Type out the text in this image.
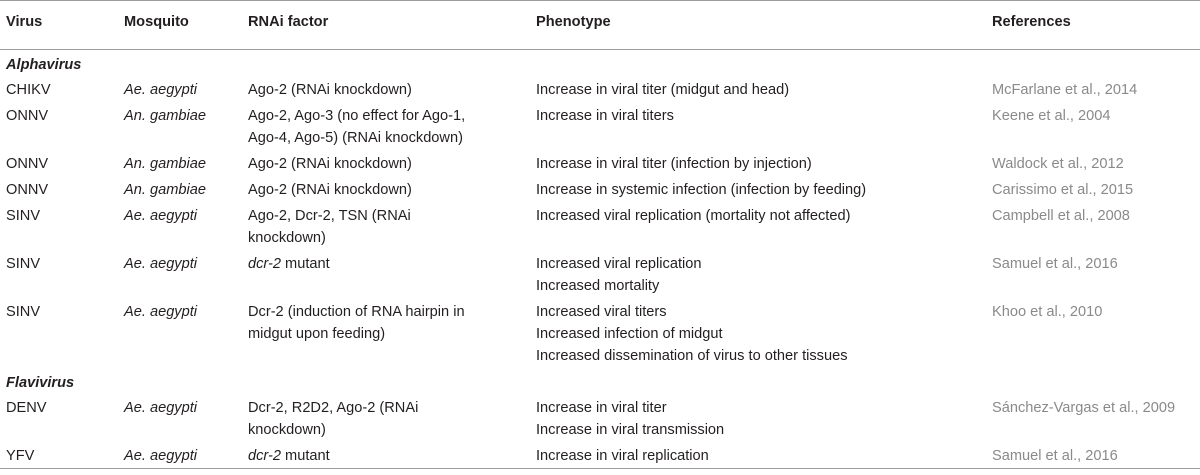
Virus	Mosquito	RNAi factor	Phenotype	References
Alphavirus				
CHIKV	Ae. aegypti	Ago-2 (RNAi knockdown)	Increase in viral titer (midgut and head)	McFarlane et al., 2014
ONNV	An. gambiae	Ago-2, Ago-3 (no effect for Ago-1,
Ago-4, Ago-5) (RNAi knockdown)	Increase in viral titers	Keene et al., 2004
ONNV	An. gambiae	Ago-2 (RNAi knockdown)	Increase in viral titer (infection by injection)	Waldock et al., 2012
ONNV	An. gambiae	Ago-2 (RNAi knockdown)	Increase in systemic infection (infection by feeding)	Carissimo et al., 2015
SINV	Ae. aegypti	Ago-2, Dcr-2, TSN (RNAi
knockdown)	Increased viral replication (mortality not affected)	Campbell et al., 2008
SINV	Ae. aegypti	dcr-2 mutant	Increased viral replication
Increased mortality	Samuel et al., 2016
SINV	Ae. aegypti	Dcr-2 (induction of RNA hairpin in
midgut upon feeding)	Increased viral titers
Increased infection of midgut
Increased dissemination of virus to other tissues	Khoo et al., 2010
Flavivirus				
DENV	Ae. aegypti	Dcr-2, R2D2, Ago-2 (RNAi
knockdown)	Increase in viral titer
Increase in viral transmission	Sánchez-Vargas et al., 2009
YFV	Ae. aegypti	dcr-2 mutant	Increase in viral replication	Samuel et al., 2016
